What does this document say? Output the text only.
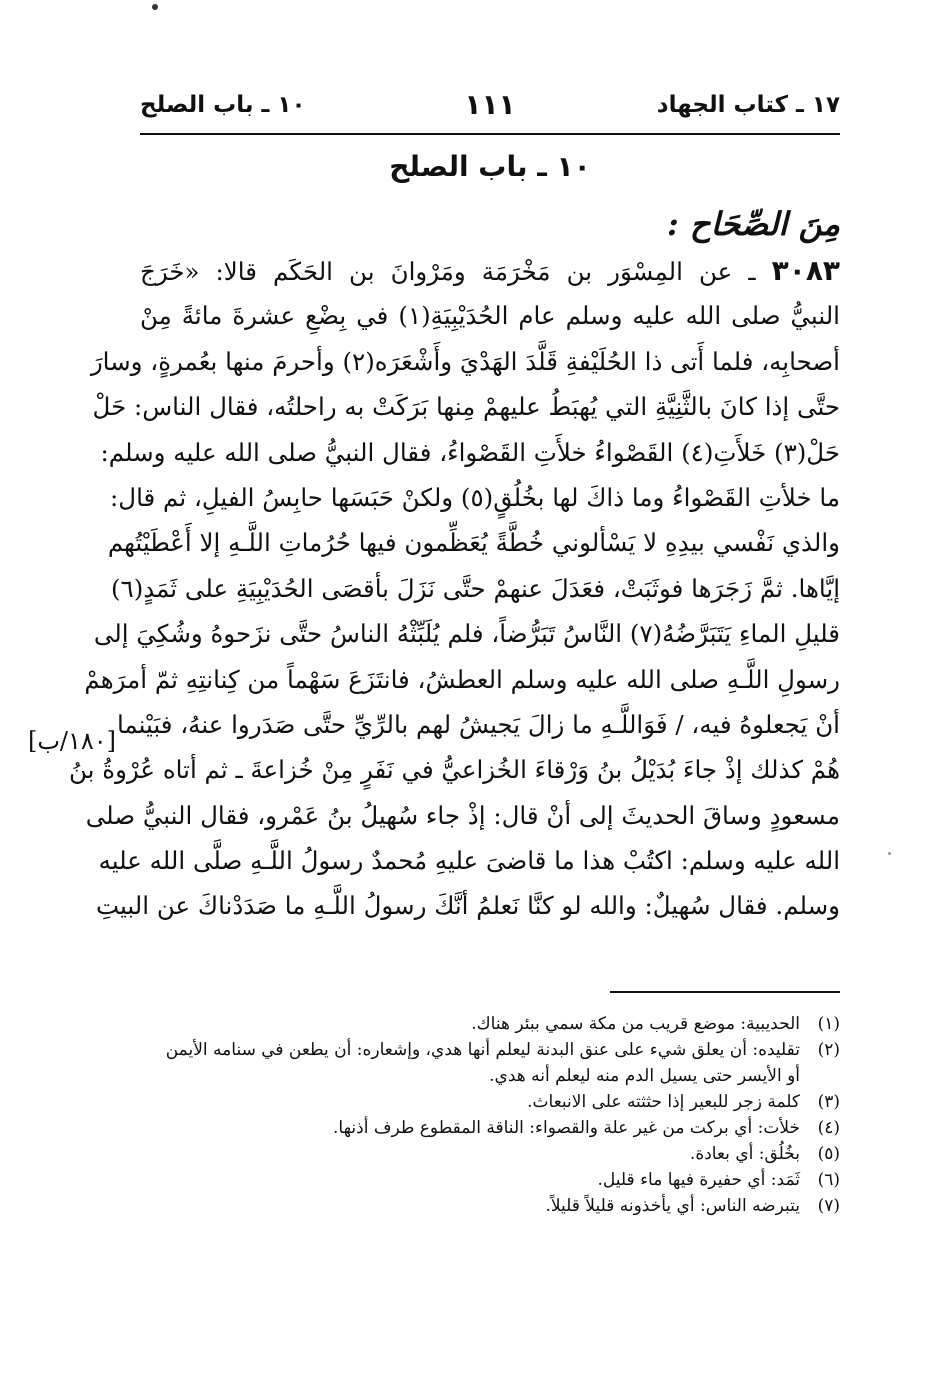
١٧ ـ كتاب الجهاد
١١١
١٠ ـ باب الصلح
١٠ ـ باب الصلح
مِنَ الصِّحَاح :
٣٠٨٣ ـ عن المِسْوَر بن مَخْرَمَة ومَرْوانَ بن الحَكَم قالا: «خَرَجَ
النبيُّ صلى الله عليه وسلم عام الحُدَيْبِيَةِ(١) في بِضْعِ عشرةَ مائةً مِنْ
أصحابِه، فلما أَتى ذا الحُلَيْفةِ قَلَّدَ الهَدْيَ وأَشْعَرَه(٢) وأحرمَ منها بعُمرةٍ، وسارَ
حتَّى إذا كانَ بالثَّنِيَّةِ التي يُهبَطُ عليهمْ مِنها بَرَكَتْ به راحلتُه، فقال الناس: حَلْ
حَلْ(٣) خَلأَتِ(٤) القَصْواءُ خلأَتِ القَصْواءُ، فقال النبيُّ صلى الله عليه وسلم:
ما خلأتِ القَصْواءُ وما ذاكَ لها بخُلُقٍ(٥) ولكنْ حَبَسَها حابِسُ الفيلِ، ثم قال:
والذي نَفْسي بيدِهِ لا يَسْألوني خُطَّةً يُعَظِّمون فيها حُرُماتِ اللَّـهِ إلا أَعْطَيْتُهم
إيَّاها. ثمَّ زَجَرَها فوثَبَتْ، فعَدَلَ عنهمْ حتَّى نَزَلَ بأقصَى الحُدَيْبِيَةِ على ثَمَدٍ(٦)
قليلِ الماءِ يَتَبَرَّضُهُ(٧) النَّاسُ تَبَرُّضاً، فلم يُلَبِّثْهُ الناسُ حتَّى نزَحوهُ وشُكِيَ إلى
رسولِ اللَّـهِ صلى الله عليه وسلم العطشُ، فانتَزَعَ سَهْماً من كِنانتِهِ ثمّ أمرَهمْ
أنْ يَجعلوهُ فيه، / فَوَاللَّـهِ ما زالَ يَجيشُ لهم بالرِّيِّ حتَّى صَدَروا عنهُ، فبَيْنما
هُمْ كذلك إذْ جاءَ بُدَيْلُ بنُ وَرْقاءَ الخُزاعيُّ في نَفَرٍ مِنْ خُزاعةَ ـ ثم أتاه عُرْوةُ بنُ
مسعودٍ وساقَ الحديثَ إلى أنْ قال: إذْ جاء سُهيلُ بنُ عَمْرو، فقال النبيُّ صلى
الله عليه وسلم: اكتُبْ هذا ما قاضىَ عليهِ مُحمدٌ رسولُ اللَّـهِ صلَّى الله عليه
وسلم. فقال سُهيلٌ: والله لو كنَّا نَعلمُ أنَّكَ رسولُ اللَّـهِ ما صَدَدْناكَ عن البيتِ
[١٨٠/ب]
(١)
الحديبية: موضع قريب من مكة سمي ببئر هناك.
(٢)
تقليده: أن يعلق شيء على عنق البدنة ليعلم أنها هدي، وإشعاره: أن يطعن في سنامه الأيمن
أو الأيسر حتى يسيل الدم منه ليعلم أنه هدي.
(٣)
كلمة زجر للبعير إذا حثثته على الانبعاث.
(٤)
خلأت: أي بركت من غير علة والقصواء: الناقة المقطوع طرف أذنها.
(٥)
بخُلُق: أي بعادة.
(٦)
ثَمَد: أي حفيرة فيها ماء قليل.
(٧)
يتبرضه الناس: أي يأخذونه قليلاً قليلاً.
